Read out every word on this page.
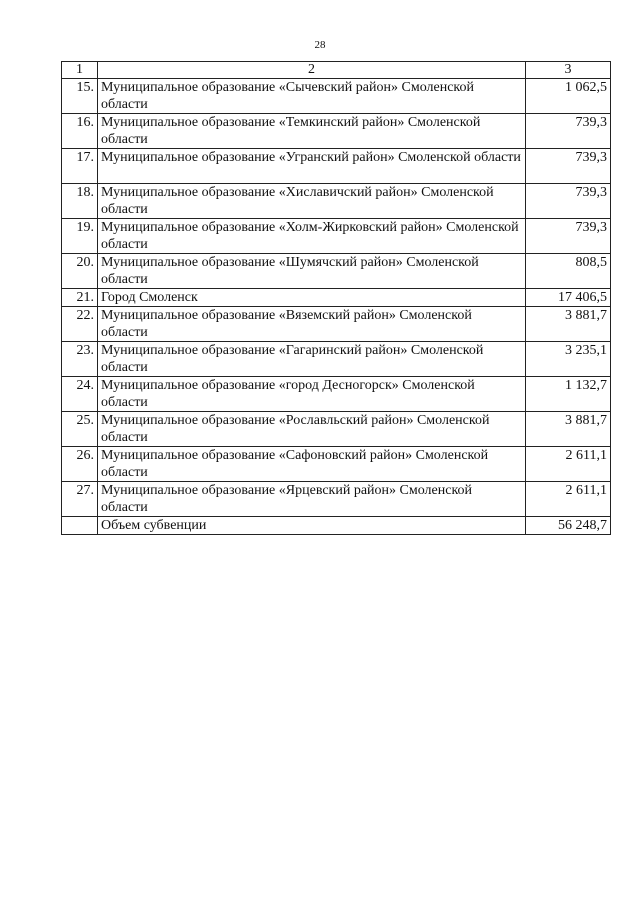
28
1	2	3
15.	Муниципальное образование «Сычевский район» Смоленской области	1 062,5
16.	Муниципальное образование «Темкинский район» Смоленской области	739,3
17.	Муниципальное образование «Угранский район» Смоленской области	739,3
18.	Муниципальное образование «Хиславичский район» Смоленской области	739,3
19.	Муниципальное образование «Холм-Жирковский район» Смоленской области	739,3
20.	Муниципальное образование «Шумячский район» Смоленской области	808,5
21.	Город Смоленск	17 406,5
22.	Муниципальное образование «Вяземский район» Смоленской области	3 881,7
23.	Муниципальное образование «Гагаринский район» Смоленской области	3 235,1
24.	Муниципальное образование «город Десногорск» Смоленской области	1 132,7
25.	Муниципальное образование «Рославльский район» Смоленской области	3 881,7
26.	Муниципальное образование «Сафоновский район» Смоленской области	2 611,1
27.	Муниципальное образование «Ярцевский район» Смоленской области	2 611,1
	Объем субвенции	56 248,7
